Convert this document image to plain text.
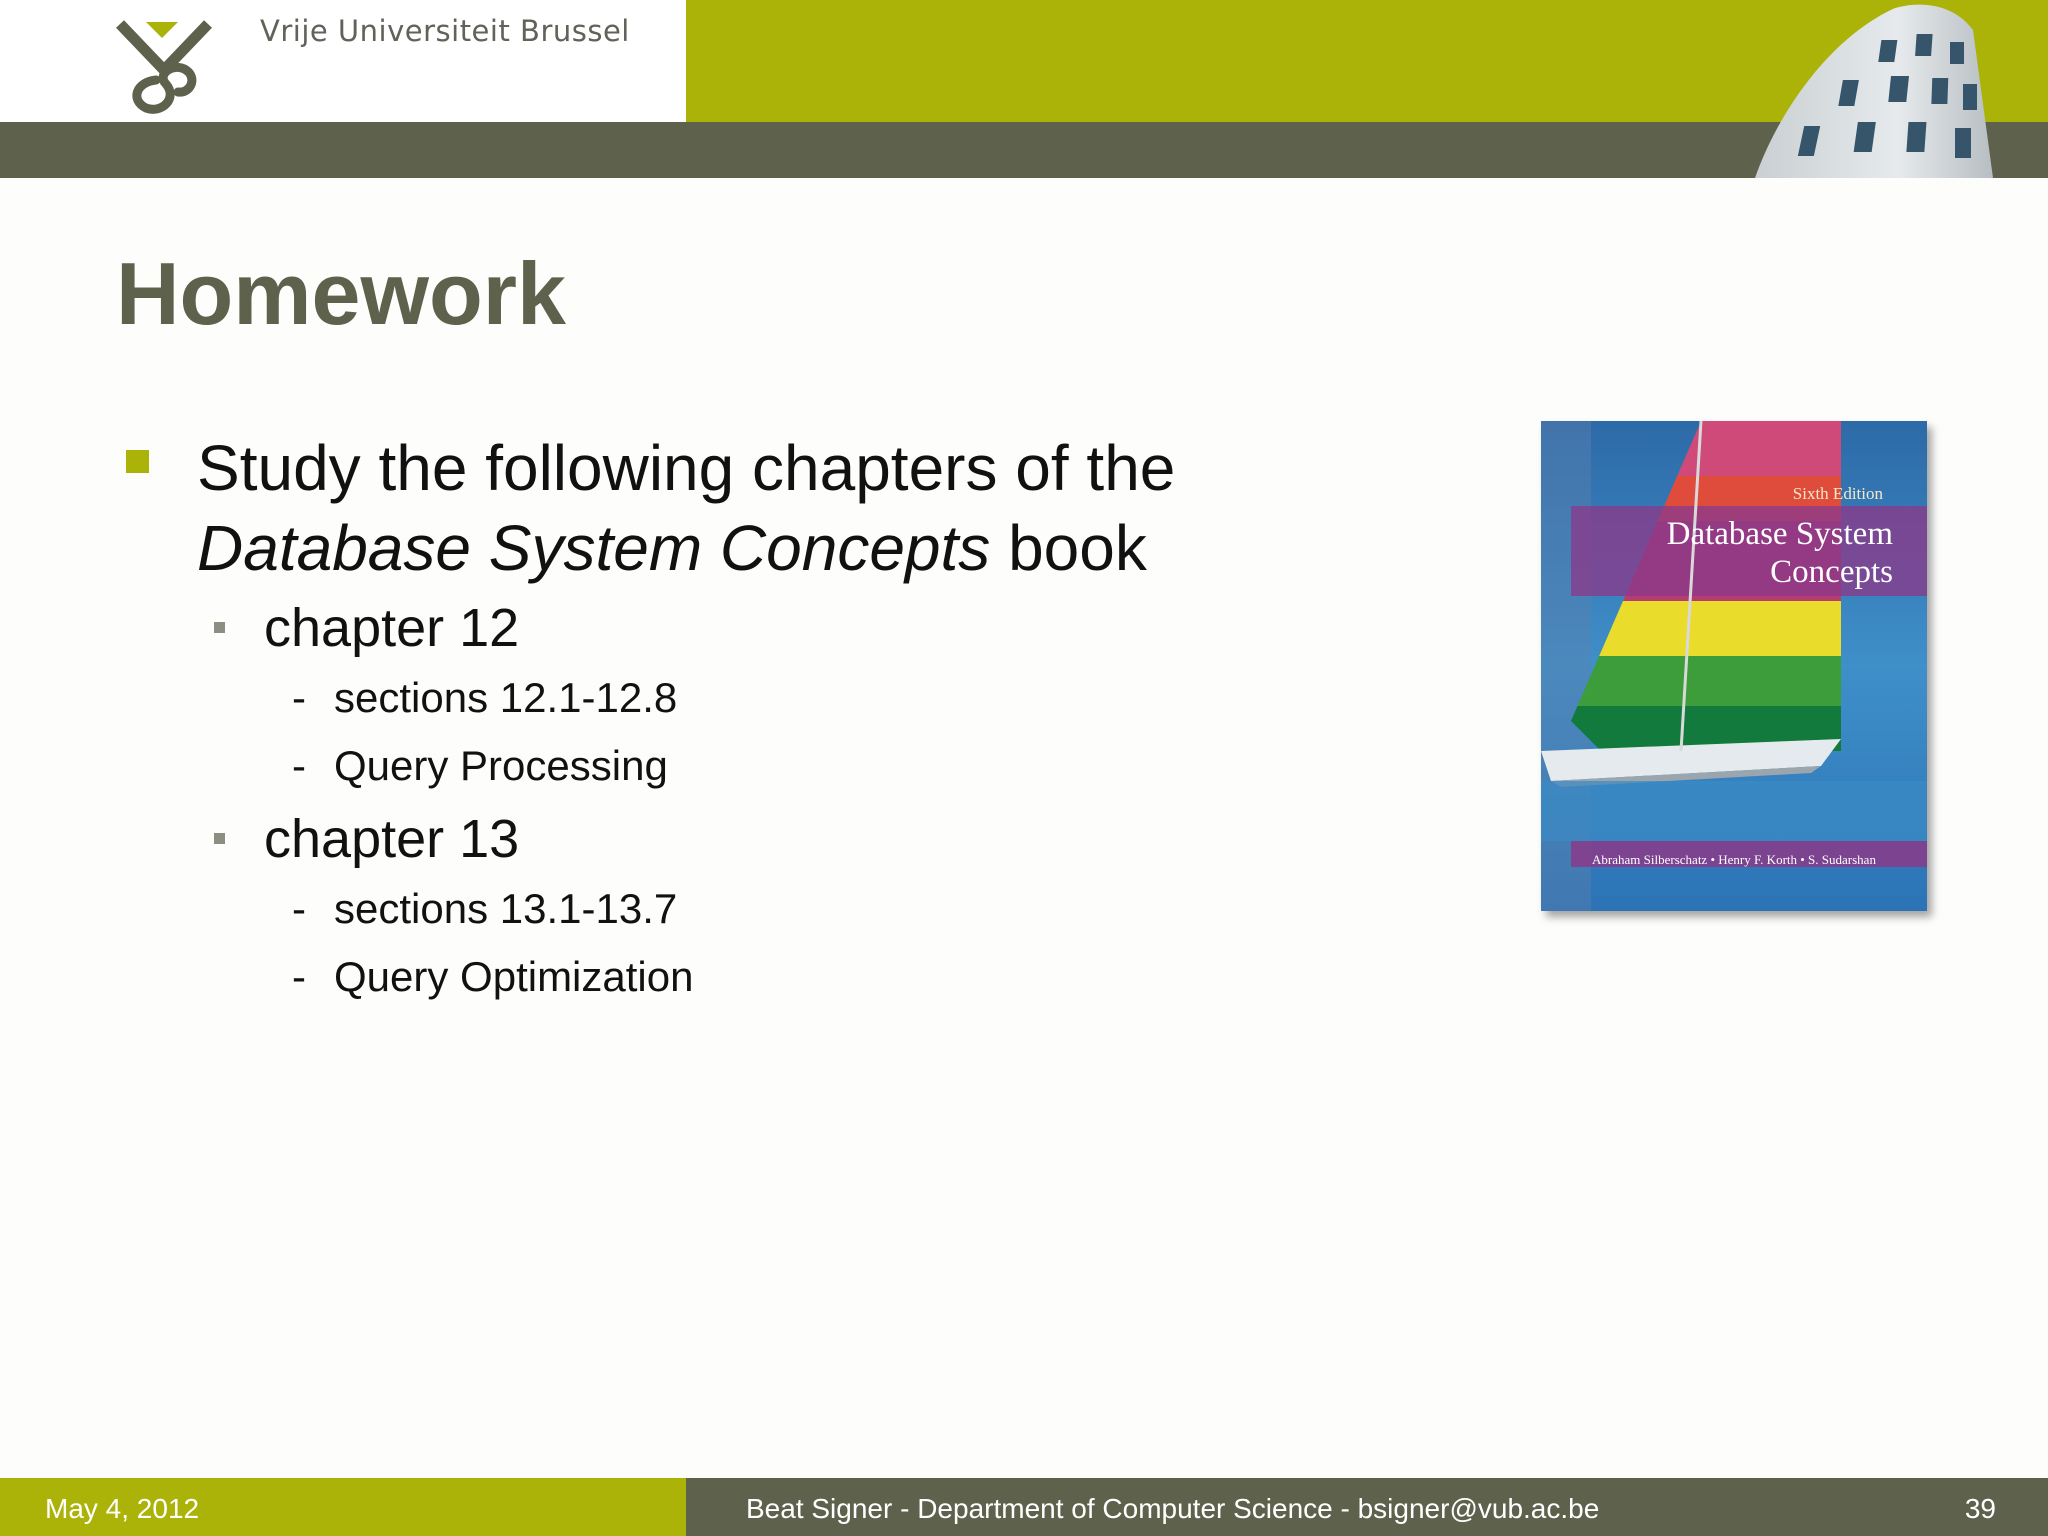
Vrije Universiteit Brussel
Homework
Study the following chapters of the
Database System Concepts book
chapter 12
- sections 12.1-12.8
- Query Processing
chapter 13
- sections 13.1-13.7
- Query Optimization
Sixth Edition
Database System
Concepts
Abraham Silberschatz • Henry F. Korth • S. Sudarshan
May 4, 2012	Beat Signer - Department of Computer Science - bsigner@vub.ac.be	39
